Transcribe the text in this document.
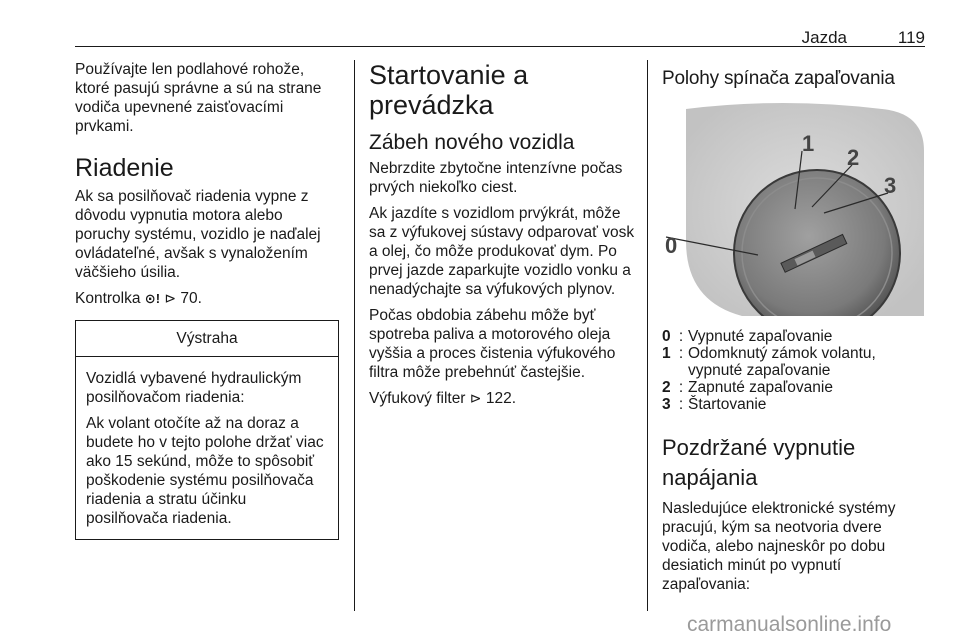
Jazda	119

Používajte len podlahové rohože, ktoré pasujú správne a sú na strane vodiča upevnené zaisťovacími prvkami.

Riadenie

Ak sa posilňovač riadenia vypne z dôvodu vypnutia motora alebo poruchy systému, vozidlo je naďalej ovládateľné, avšak s vynaložením väčšieho úsilia.

Kontrolka ⊙! ⊳ 70.

Výstraha

Vozidlá vybavené hydraulickým posilňovačom riadenia:

Ak volant otočíte až na doraz a budete ho v tejto polohe držať viac ako 15 sekúnd, môže to spôsobiť poškodenie systému posilňovača riadenia a stratu účinku posilňovača riadenia.

Startovanie a prevádzka
Zábeh nového vozidla

Nebrzdite zbytočne intenzívne počas prvých niekoľko ciest.

Ak jazdíte s vozidlom prvýkrát, môže sa z výfukovej sústavy odparovať vosk a olej, čo môže produkovať dym. Po prvej jazde zaparkujte vozidlo vonku a nenadýchajte sa výfukových plynov.

Počas obdobia zábehu môže byť spotreba paliva a motorového oleja vyššia a proces čistenia výfukového filtra môže prebehnúť častejšie.

Výfukový filter ⊳ 122.

Polohy spínača zapaľovania
0
1
2
3
0 : Vypnuté zapaľovanie
1 : Odomknutý zámok volantu, vypnuté zapaľovanie
2 : Zapnuté zapaľovanie
3 : Štartovanie
Pozdržané vypnutie napájania

Nasledujúce elektronické systémy pracujú, kým sa neotvoria dvere vodiča, alebo najneskôr po dobu desiatich minút po vypnutí zapaľovania:

carmanualsonline.info
